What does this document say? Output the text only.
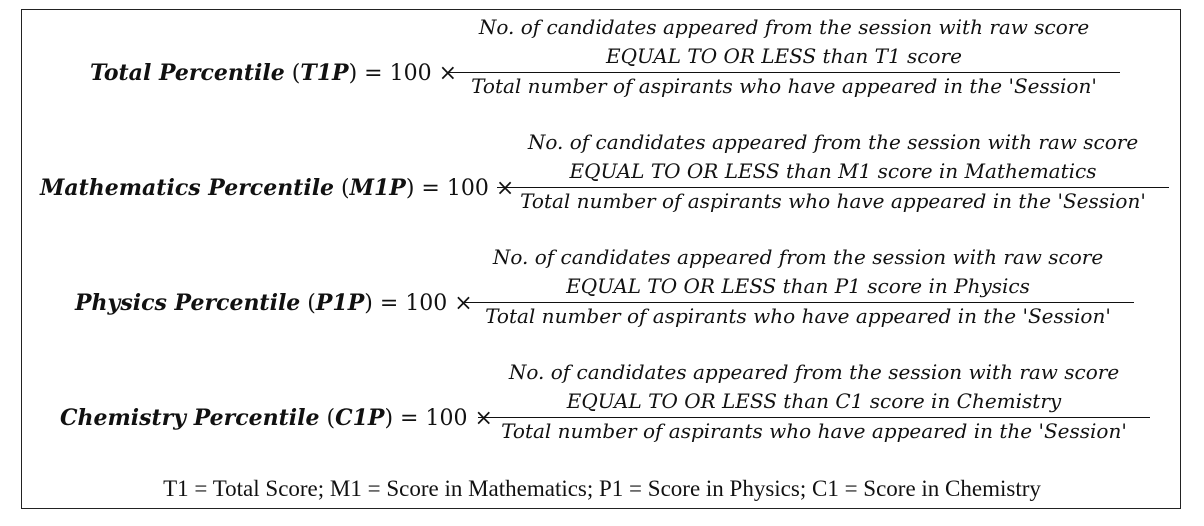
Total Percentile (T1P) = 100 ×
No. of candidates appeared from the session with raw score
EQUAL TO OR LESS than T1 score
Total number of aspirants who have appeared in the 'Session'
Mathematics Percentile (M1P) = 100 ×
No. of candidates appeared from the session with raw score
EQUAL TO OR LESS than M1 score in Mathematics
Total number of aspirants who have appeared in the 'Session'
Physics Percentile (P1P) = 100 ×
No. of candidates appeared from the session with raw score
EQUAL TO OR LESS than P1 score in Physics
Total number of aspirants who have appeared in the 'Session'
Chemistry Percentile (C1P) = 100 ×
No. of candidates appeared from the session with raw score
EQUAL TO OR LESS than C1 score in Chemistry
Total number of aspirants who have appeared in the 'Session'
T1 = Total Score; M1 = Score in Mathematics; P1 = Score in Physics; C1 = Score in Chemistry
